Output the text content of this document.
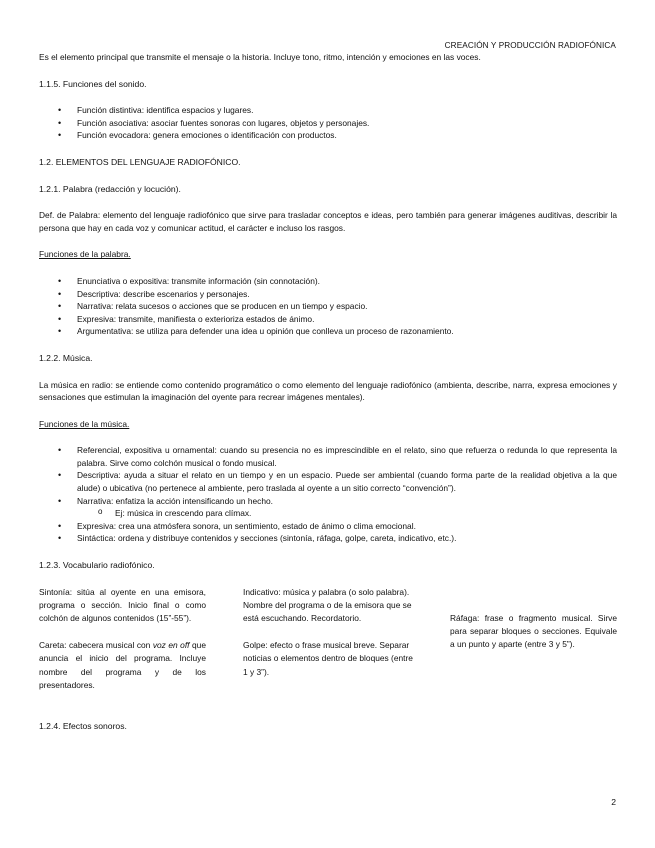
CREACIÓN Y PRODUCCIÓN RADIOFÓNICA

Es el elemento principal que transmite el mensaje o la historia. Incluye tono, ritmo, intención y emociones en las voces.

1.1.5. Funciones del sonido.

• Función distintiva: identifica espacios y lugares.
• Función asociativa: asociar fuentes sonoras con lugares, objetos y personajes.
• Función evocadora: genera emociones o identificación con productos.

1.2. ELEMENTOS DEL LENGUAJE RADIOFÓNICO.

1.2.1. Palabra (redacción y locución).

Def. de Palabra: elemento del lenguaje radiofónico que sirve para trasladar conceptos e ideas, pero también para generar imágenes auditivas, describir la persona que hay en cada voz y comunicar actitud, el carácter e incluso los rasgos.

Funciones de la palabra.

• Enunciativa o expositiva: transmite información (sin connotación).
• Descriptiva: describe escenarios y personajes.
• Narrativa: relata sucesos o acciones que se producen en un tiempo y espacio.
• Expresiva: transmite, manifiesta o exterioriza estados de ánimo.
• Argumentativa: se utiliza para defender una idea u opinión que conlleva un proceso de razonamiento.

1.2.2. Música.

La música en radio: se entiende como contenido programático o como elemento del lenguaje radiofónico (ambienta, describe, narra, expresa emociones y sensaciones que estimulan la imaginación del oyente para recrear imágenes mentales).

Funciones de la música.

• Referencial, expositiva u ornamental: cuando su presencia no es imprescindible en el relato, sino que refuerza o redunda lo que representa la palabra. Sirve como colchón musical o fondo musical.
• Descriptiva: ayuda a situar el relato en un tiempo y en un espacio. Puede ser ambiental (cuando forma parte de la realidad objetiva a la que alude) o ubicativa (no pertenece al ambiente, pero traslada al oyente a un sitio correcto “convención”).
• Narrativa: enfatiza la acción intensificando un hecho.
o Ej: música in crescendo para clímax.
• Expresiva: crea una atmósfera sonora, un sentimiento, estado de ánimo o clima emocional.
• Sintáctica: ordena y distribuye contenidos y secciones (sintonía, ráfaga, golpe, careta, indicativo, etc.).

1.2.3. Vocabulario radiofónico.

Sintonía: sitúa al oyente en una emisora, programa o sección. Inicio final o como colchón de algunos contenidos (15”-55”).

Careta: cabecera musical con voz en off que anuncia el inicio del programa. Incluye nombre del programa y de los presentadores.

Indicativo: música y palabra (o solo palabra). Nombre del programa o de la emisora que se está escuchando. Recordatorio.

Golpe: efecto o frase musical breve. Separar noticias o elementos dentro de bloques (entre 1 y 3”).

Ráfaga: frase o fragmento musical. Sirve para separar bloques o secciones. Equivale a un punto y aparte (entre 3 y 5”).

1.2.4. Efectos sonoros.

2
